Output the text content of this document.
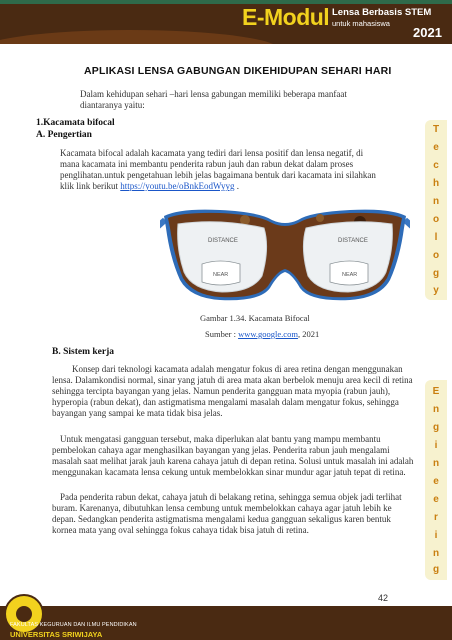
E-Modul Lensa Berbasis STEM
untuk mahasiswa
2021
T
e
c
h
n
o
l
o
g
y
E
n
g
i
n
e
e
r
i
n
g
APLIKASI LENSA GABUNGAN DIKEHIDUPAN SEHARI HARI
Dalam kehidupan sehari –hari lensa gabungan memiliki beberapa manfaat diantaranya yaitu:
1.Kacamata bifocal
A. Pengertian
Kacamata bifocal adalah kacamata yang tediri dari lensa positif dan lensa negatif, di mana kacamata ini membantu penderita rabun jauh dan rabun dekat dalam proses penglihatan.untuk pengetahuan lebih jelas bagaimana bentuk dari kacamata ini silahkan klik link berikut https://youtu.be/oBnkEodWyyg .
DISTANCE
NEAR
DISTANCE
NEAR
Gambar 1.34. Kacamata Bifocal
Sumber : www.google.com, 2021
B. Sistem kerja
Konsep dari teknologi kacamata adalah mengatur fokus di area retina dengan menggunakan lensa. Dalamkondisi normal, sinar yang jatuh di area mata akan berbelok menuju area kecil di retina sehingga tercipta bayangan yang jelas. Namun penderita gangguan mata myopia (rabun jauh), hyperopia (rabun dekat), dan astigmatisma mengalami masalah dalam mengatur fokus, sehingga bayangan yang sampai ke mata tidak bisa jelas.
Untuk mengatasi gangguan tersebut, maka diperlukan alat bantu yang mampu membantu pembelokan cahaya agar menghasilkan bayangan yang jelas. Penderita rabun jauh mengalami masalah saat melihat jarak jauh karena cahaya jatuh di depan retina. Solusi untuk masalah ini adalah menggunakan kacamata lensa cekung untuk membelokkan sinar mundur agar jatuh tepat di retina.
Pada penderita rabun dekat, cahaya jatuh di belakang retina, sehingga semua objek jadi terlihat buram. Karenanya, dibutuhkan lensa cembung untuk membelokkan cahaya agar jatuh lebih ke depan. Sedangkan penderita astigmatisma mengalami kedua gangguan sekaligus karen bentuk kornea mata yang oval sehingga fokus cahaya tidak bisa jatuh di retina.
42
FAKULTAS KEGURUAN DAN ILMU PENDIDIKAN
UNIVERSITAS SRIWIJAYA
